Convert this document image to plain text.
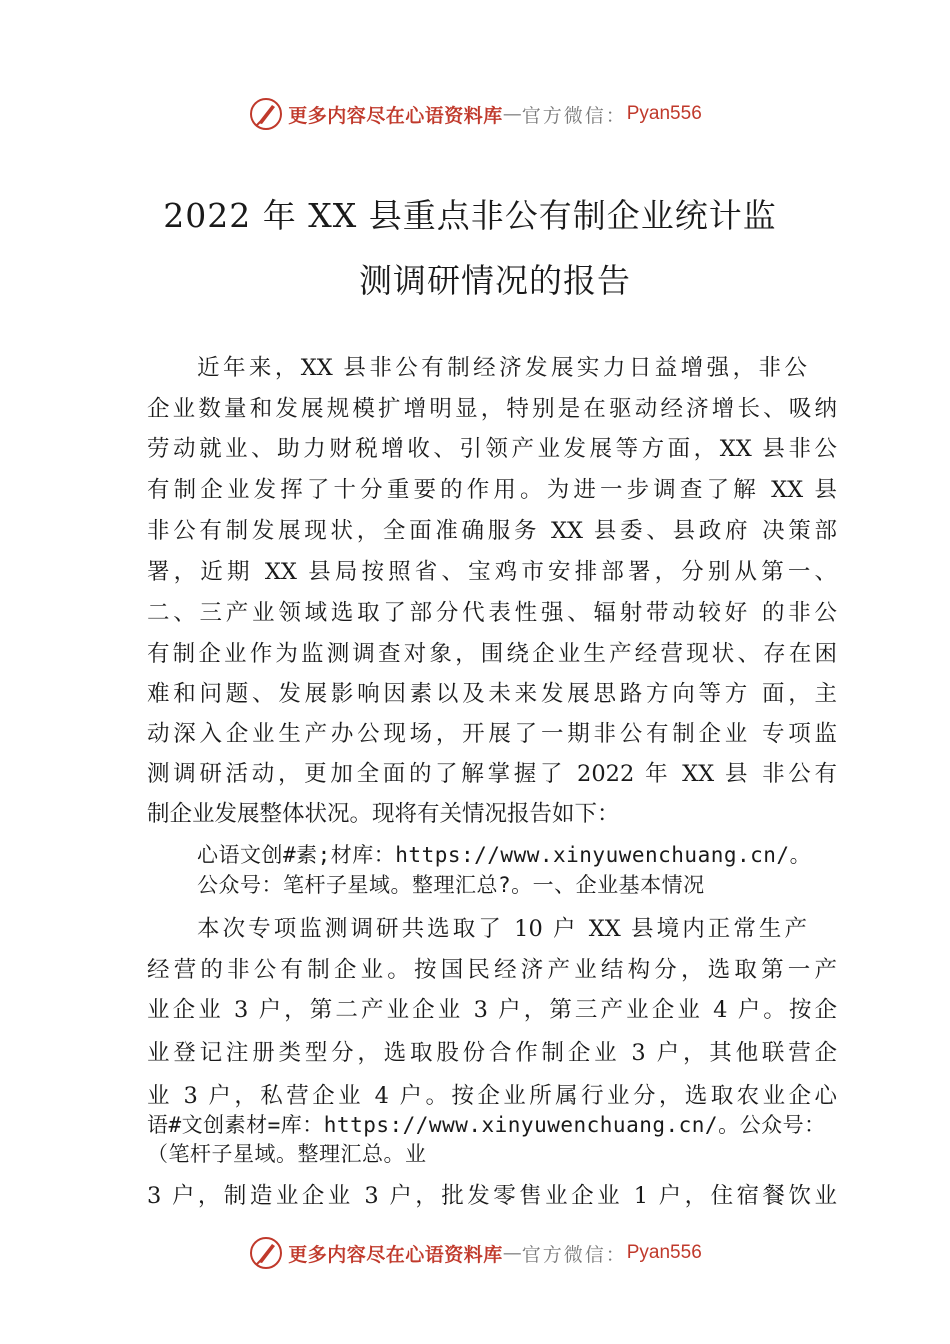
更多内容尽在心语资料库 — 官方微信： Pyan556
2022 年 XX 县重点非公有制企业统计监
测调研情况的报告
近年来，XX 县非公有制经济发展实力日益增强，非公
企业数量和发展规模扩增明显，特别是在驱动经济增长、吸纳
劳动就业、助力财税增收、引领产业发展等方面，XX 县非公
有制企业发挥了十分重要的作用。为进一步调查了解 XX 县
非公有制发展现状，全面准确服务 XX 县委、县政府 决策部
署，近期 XX 县局按照省、宝鸡市安排部署，分别从第一、
二、三产业领域选取了部分代表性强、辐射带动较好 的非公
有制企业作为监测调查对象，围绕企业生产经营现状、存在困
难和问题、发展影响因素以及未来发展思路方向等方 面，主
动深入企业生产办公现场，开展了一期非公有制企业 专项监
测调研活动，更加全面的了解掌握了 2022 年 XX 县 非公有
制企业发展整体状况。现将有关情况报告如下：
心语文创#素;材库：https://www.xinyuwenchuang.cn/。
公众号：笔杆子星域。整理汇总?。一、企业基本情况
本次专项监测调研共选取了 10 户 XX 县境内正常生产
经营的非公有制企业。按国民经济产业结构分，选取第一产
业企业 3 户，第二产业企业 3 户，第三产业企业 4 户。按企
业登记注册类型分，选取股份合作制企业 3 户，其他联营企
业 3 户，私营企业 4 户。按企业所属行业分，选取农业企心
语#文创素材=库：https://www.xinyuwenchuang.cn/。公众号：
（笔杆子星域。整理汇总。业
3 户，制造业企业 3 户，批发零售业企业 1 户，住宿餐饮业
更多内容尽在心语资料库 — 官方微信： Pyan556
